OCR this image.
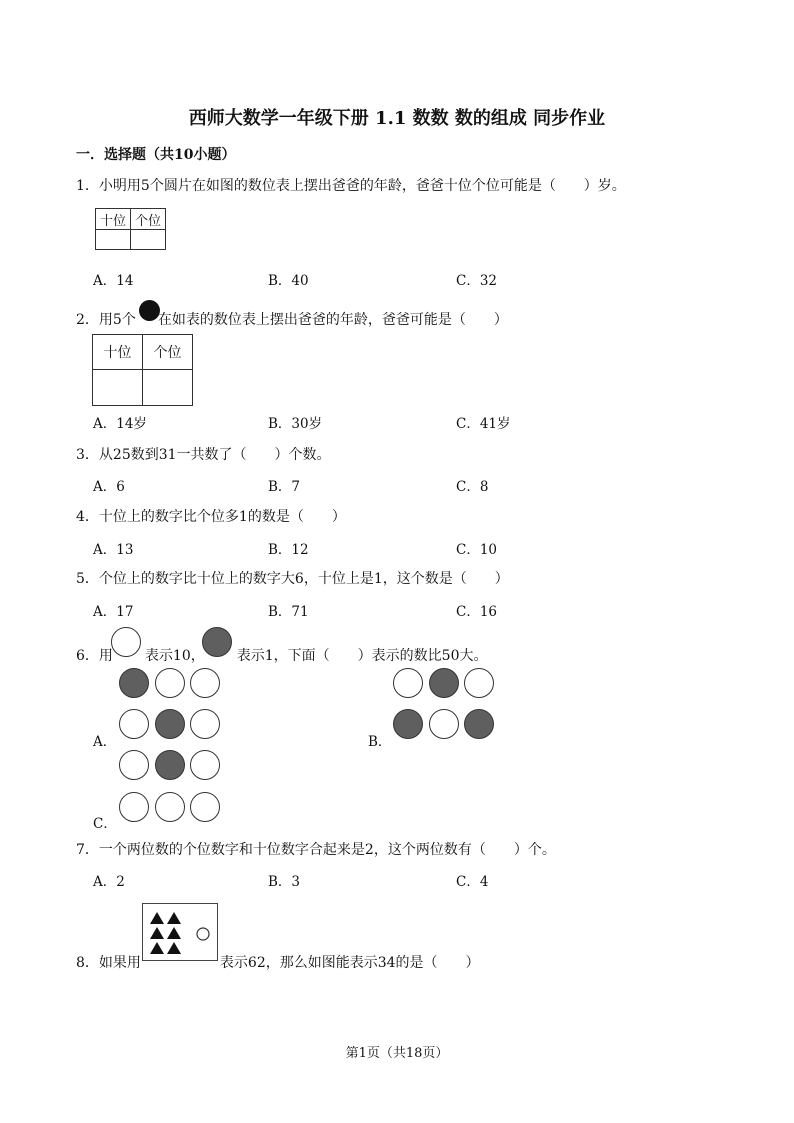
西师大数学一年级下册 1.1 数数 数的组成 同步作业
一．选择题（共10小题）
1．小明用5个圆片在如图的数位表上摆出爸爸的年龄，爸爸十位个位可能是（　　）岁。
十位	个位

A．14	B．40	C．32
2．用5个 在如表的数位表上摆出爸爸的年龄，爸爸可能是（　　）
十位	个位

A．14岁	B．30岁	C．41岁
3．从25数到31一共数了（　　）个数。
A．6	B．7	C．8
4．十位上的数字比个位多1的数是（　　）
A．13	B．12	C．10
5．个位上的数字比十位上的数字大6，十位上是1，这个数是（　　）
A．17	B．71	C．16
6．用 表示10， 表示1，下面（　　）表示的数比50大。
A．	B．
C．
7．一个两位数的个位数字和十位数字合起来是2，这个两位数有（　　）个。
A．2	B．3	C．4
8．如果用	表示62，那么如图能表示34的是（　　）
第1页（共18页）
